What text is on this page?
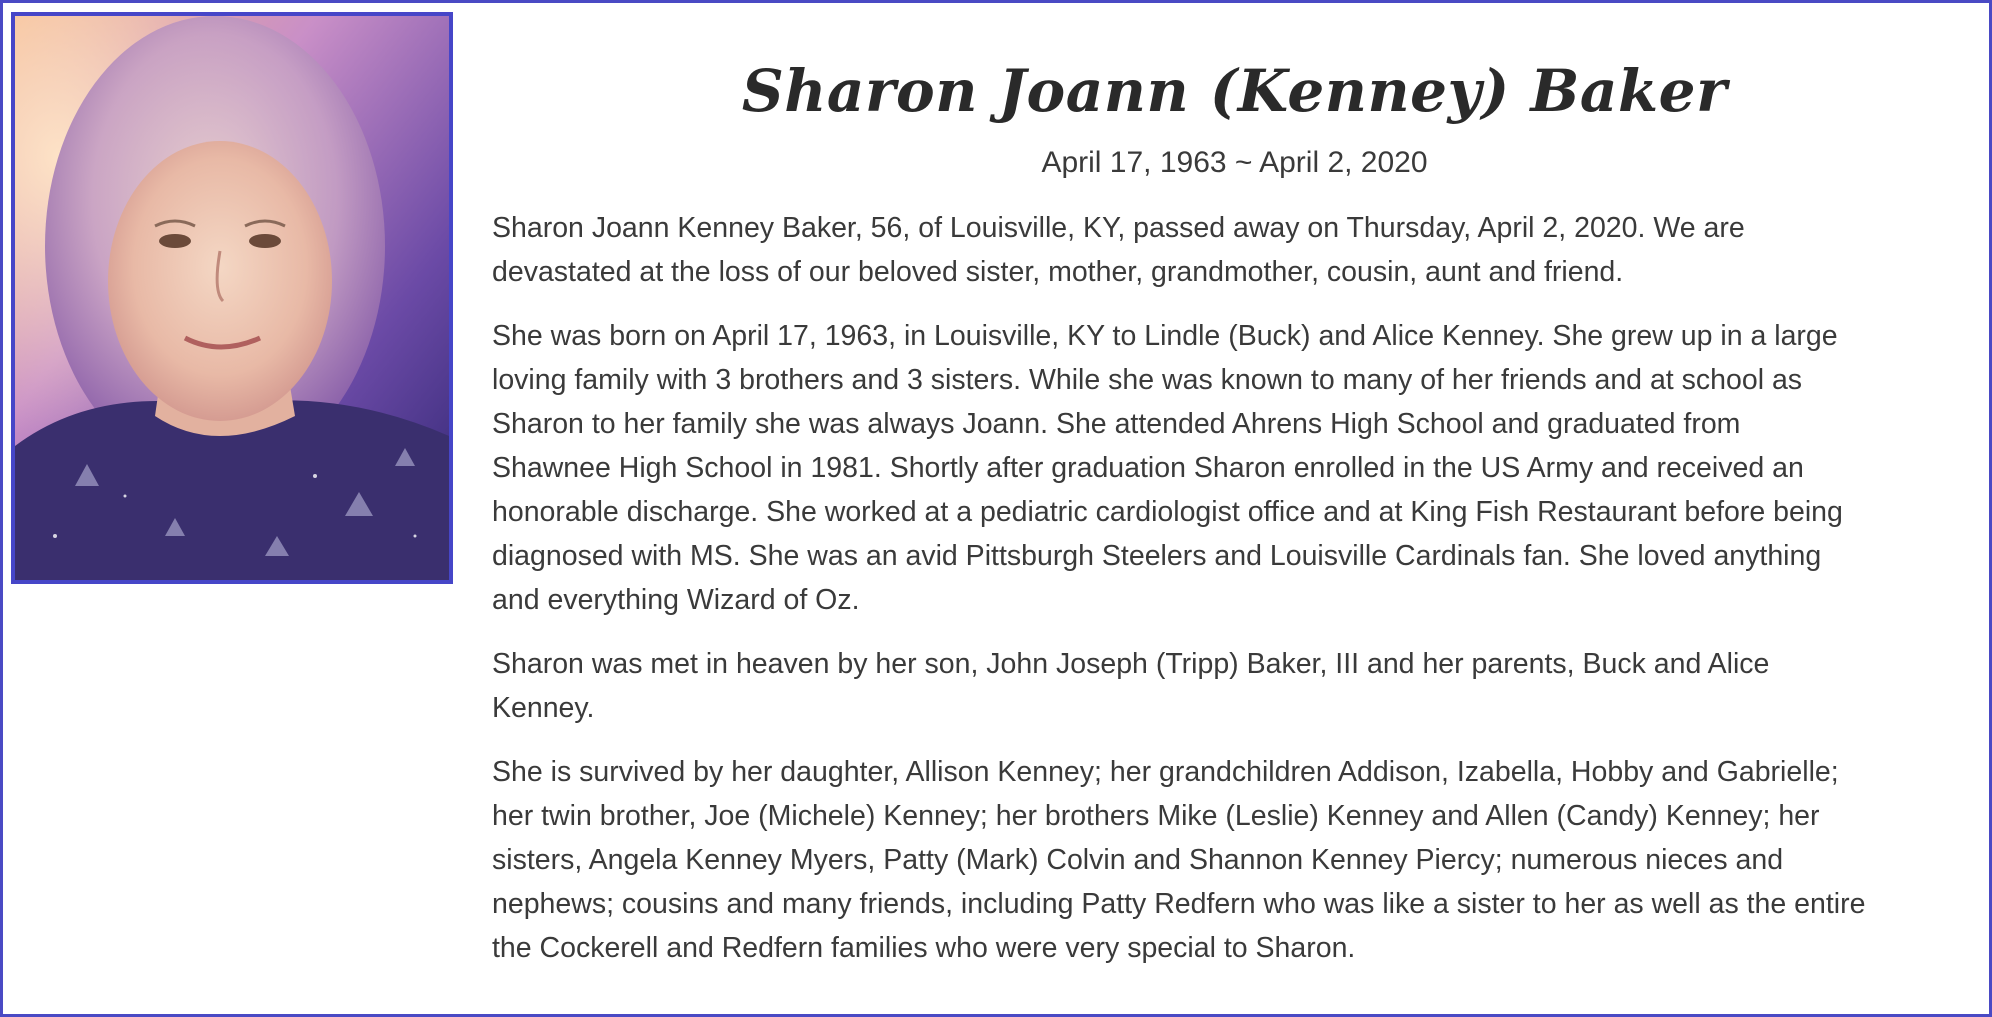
Sharon Joann (Kenney) Baker
April 17, 1963 ~ April 2, 2020

Sharon Joann Kenney Baker, 56, of Louisville, KY, passed away on Thursday, April 2, 2020. We are
devastated at the loss of our beloved sister, mother, grandmother, cousin, aunt and friend.

She was born on April 17, 1963, in Louisville, KY to Lindle (Buck) and Alice Kenney. She grew up in a large
loving family with 3 brothers and 3 sisters. While she was known to many of her friends and at school as
Sharon to her family she was always Joann. She attended Ahrens High School and graduated from
Shawnee High School in 1981. Shortly after graduation Sharon enrolled in the US Army and received an
honorable discharge. She worked at a pediatric cardiologist office and at King Fish Restaurant before being
diagnosed with MS. She was an avid Pittsburgh Steelers and Louisville Cardinals fan. She loved anything
and everything Wizard of Oz.

Sharon was met in heaven by her son, John Joseph (Tripp) Baker, III and her parents, Buck and Alice
Kenney.

She is survived by her daughter, Allison Kenney; her grandchildren Addison, Izabella, Hobby and Gabrielle;
her twin brother, Joe (Michele) Kenney; her brothers Mike (Leslie) Kenney and Allen (Candy) Kenney; her
sisters, Angela Kenney Myers, Patty (Mark) Colvin and Shannon Kenney Piercy; numerous nieces and
nephews; cousins and many friends, including Patty Redfern who was like a sister to her as well as the entire
the Cockerell and Redfern families who were very special to Sharon.
